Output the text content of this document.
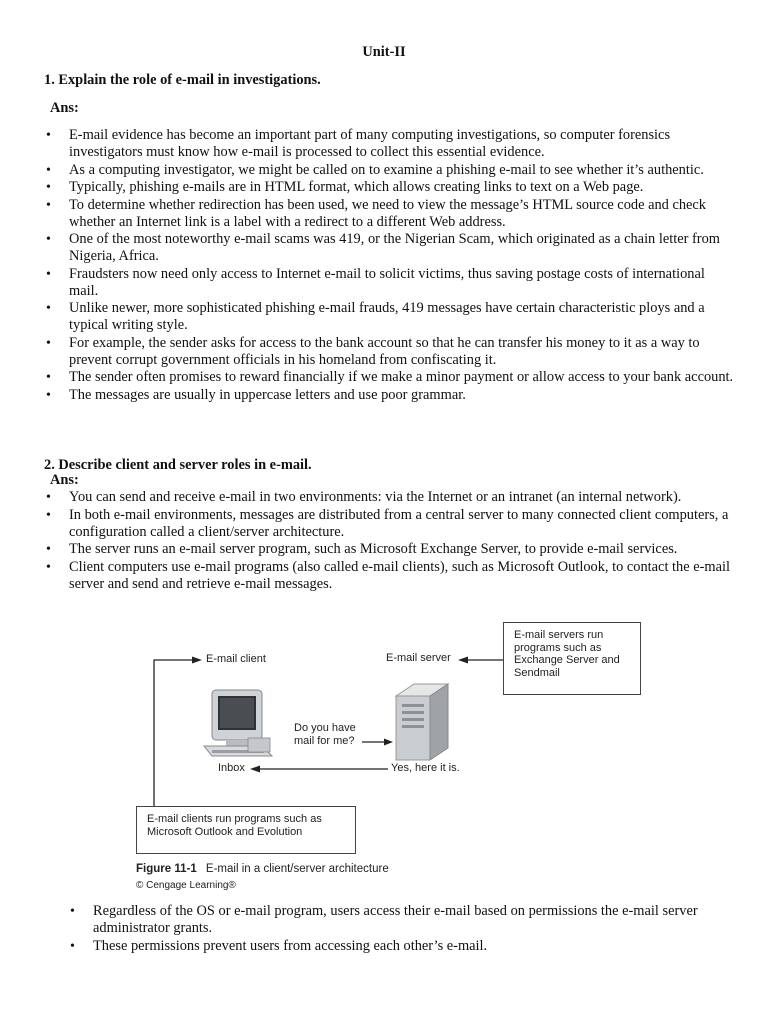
Unit-II
1. Explain the role of e-mail in investigations.
Ans:
• E-mail evidence has become an important part of many computing investigations, so computer forensics investigators must know how e-mail is processed to collect this essential evidence.
• As a computing investigator, we might be called on to examine a phishing e-mail to see whether it’s authentic.
• Typically, phishing e-mails are in HTML format, which allows creating links to text on a Web page.
• To determine whether redirection has been used, we need to view the message’s HTML source code and check whether an Internet link is a label with a redirect to a different Web address.
• One of the most noteworthy e-mail scams was 419, or the Nigerian Scam, which originated as a chain letter from Nigeria, Africa.
• Fraudsters now need only access to Internet e-mail to solicit victims, thus saving postage costs of international mail.
• Unlike newer, more sophisticated phishing e-mail frauds, 419 messages have certain characteristic ploys and a typical writing style.
• For example, the sender asks for access to the bank account so that he can transfer his money to it as a way to prevent corrupt government officials in his homeland from confiscating it.
• The sender often promises to reward financially if we make a minor payment or allow access to your bank account.
• The messages are usually in uppercase letters and use poor grammar.
2. Describe client and server roles in e-mail.
Ans:
• You can send and receive e-mail in two environments: via the Internet or an intranet (an internal network).
• In both e-mail environments, messages are distributed from a central server to many connected client computers, a configuration called a client/server architecture.
• The server runs an e-mail server program, such as Microsoft Exchange Server, to provide e-mail services.
• Client computers use e-mail programs (also called e-mail clients), such as Microsoft Outlook, to contact the e-mail server and send and retrieve e-mail messages.
E-mail servers run programs such as Exchange Server and Sendmail
E-mail client	E-mail server
Do you have mail for me?
Inbox	Yes, here it is.
E-mail clients run programs such as Microsoft Outlook and Evolution
Figure 11-1 E-mail in a client/server architecture
© Cengage Learning®
• Regardless of the OS or e-mail program, users access their e-mail based on permissions the e-mail server administrator grants.
• These permissions prevent users from accessing each other’s e-mail.
